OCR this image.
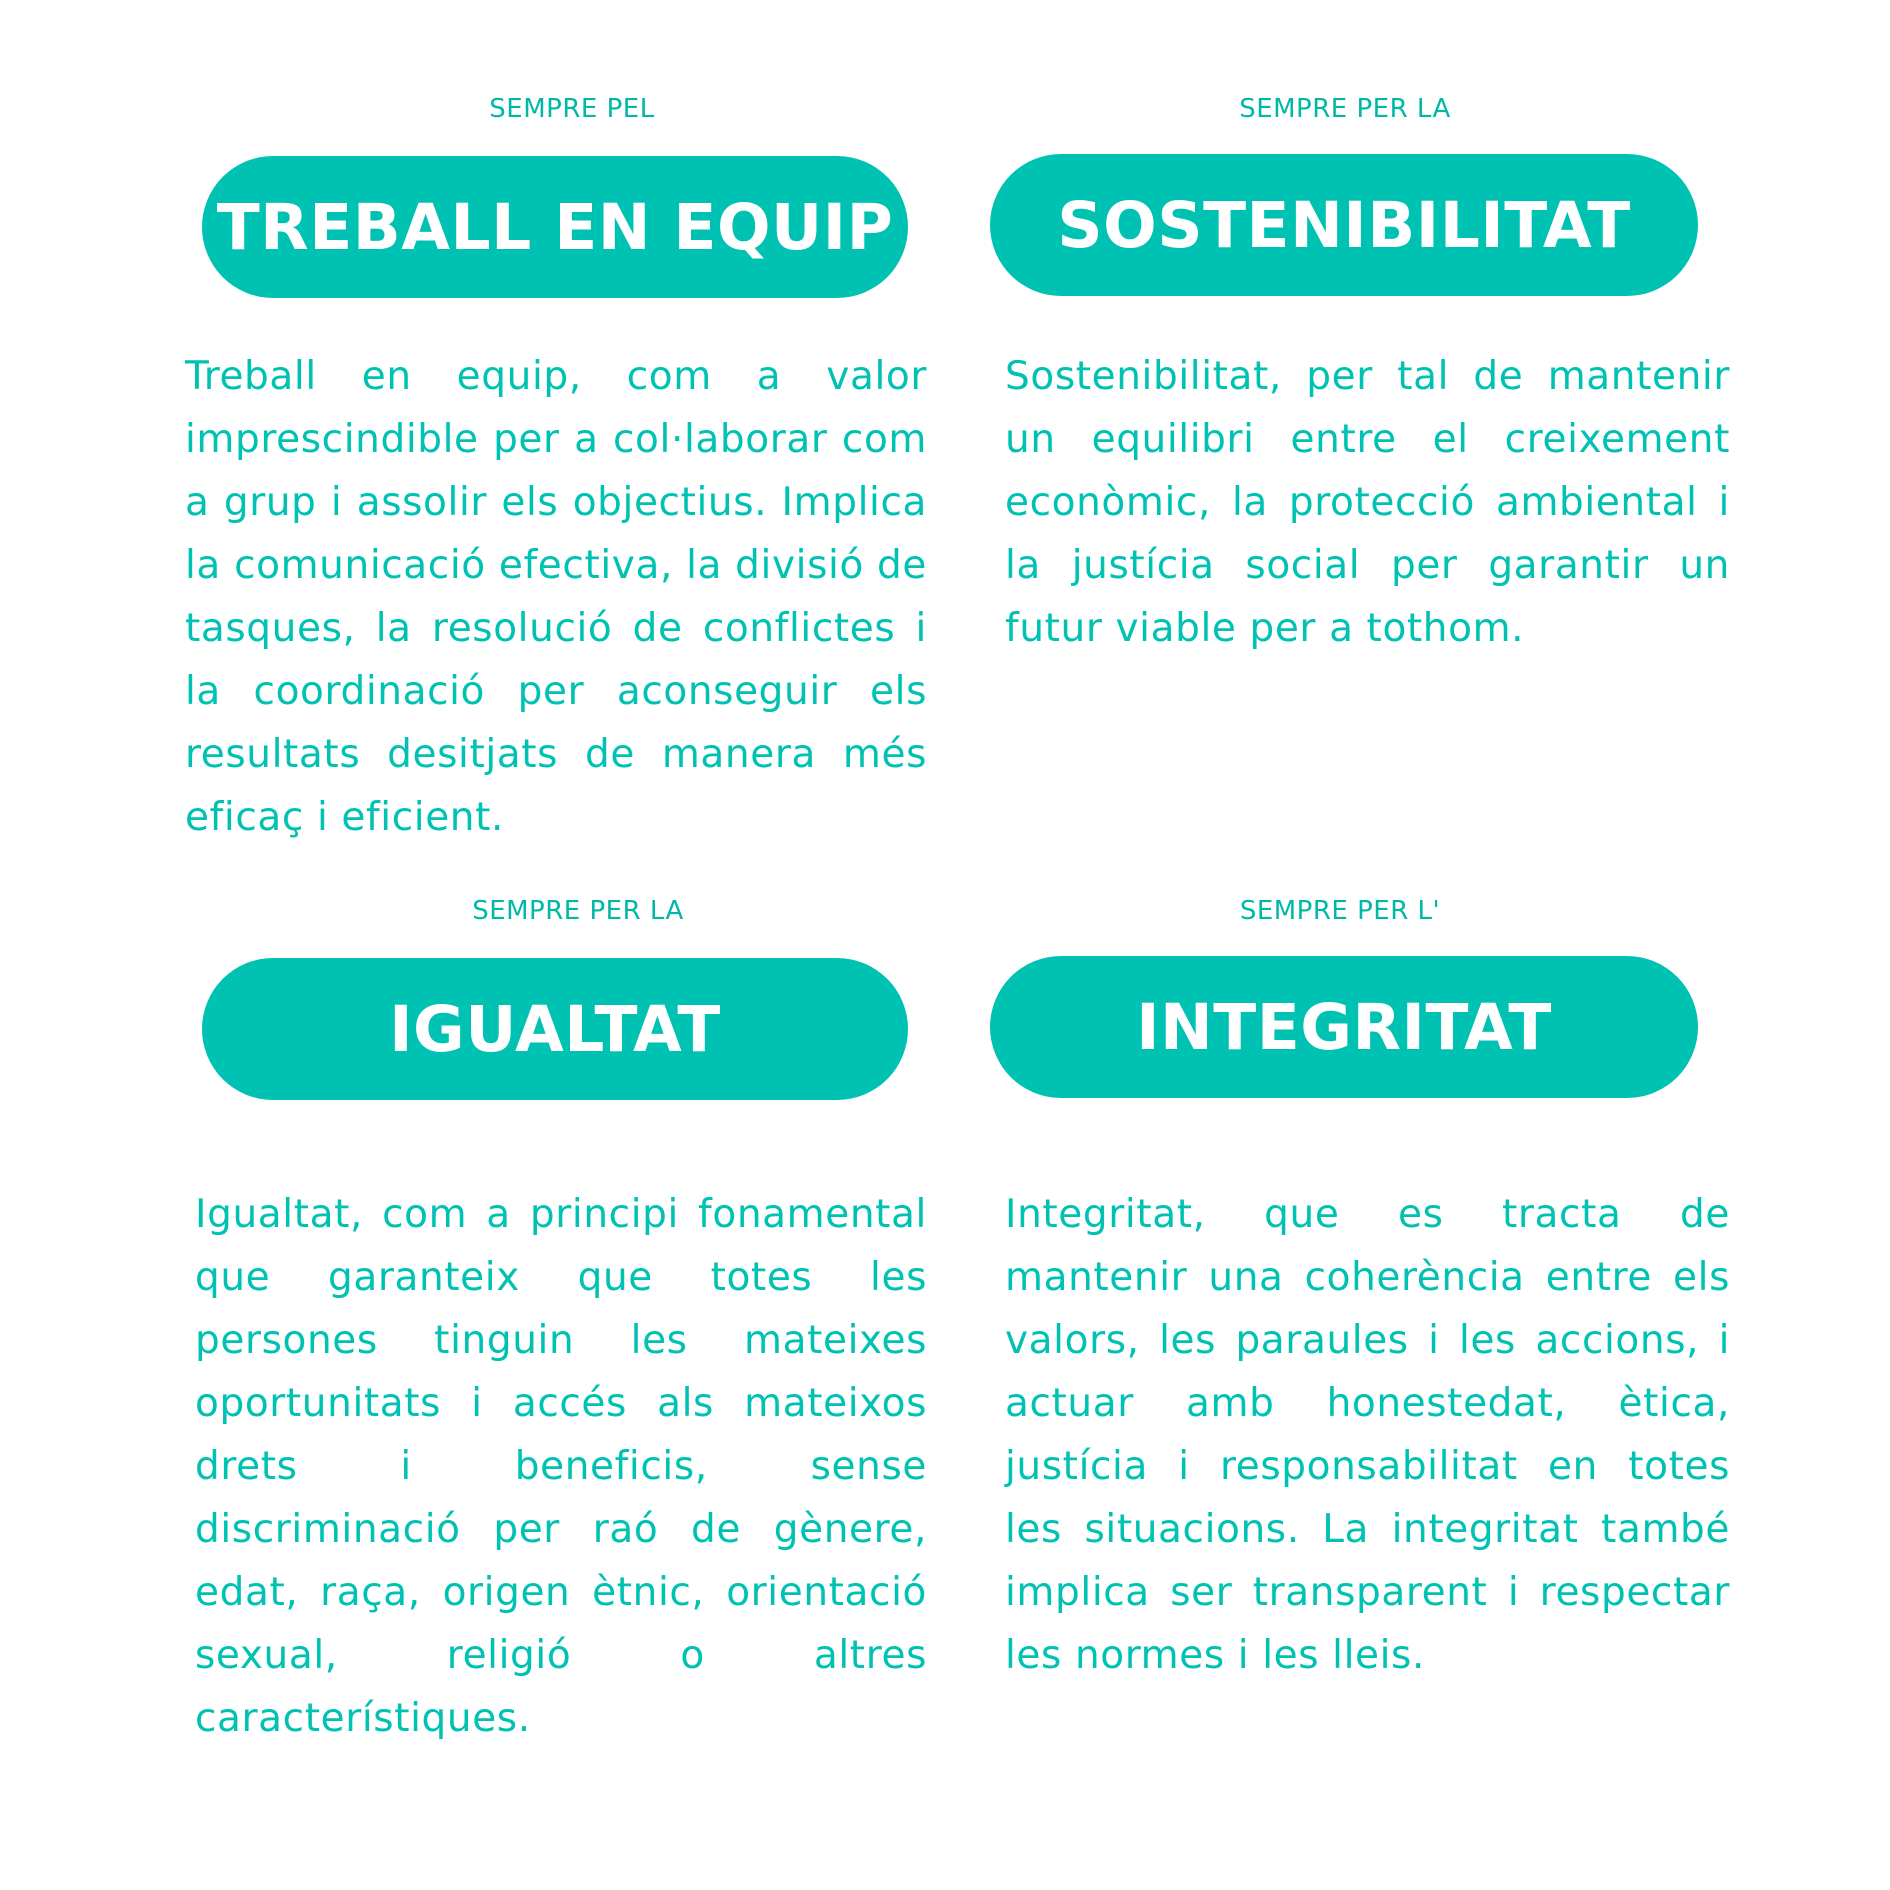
SEMPRE PEL
TREBALL EN EQUIP
Treball en equip, com a valor imprescindible per a col·laborar com a grup i assolir els objectius. Implica la comunicació efectiva, la divisió de tasques, la resolució de conflictes i la coordinació per aconseguir els resultats desitjats de manera més eficaç i eficient.
SEMPRE PER LA
SOSTENIBILITAT
Sostenibilitat, per tal de mantenir un equilibri entre el creixement econòmic, la protecció ambiental i la justícia social per garantir un futur viable per a tothom.
SEMPRE PER LA
IGUALTAT
Igualtat, com a principi fonamental que garanteix que totes les persones tinguin les mateixes oportunitats i accés als mateixos drets i beneficis, sense discriminació per raó de gènere, edat, raça, origen ètnic, orientació sexual, religió o altres característiques.
SEMPRE PER L'
INTEGRITAT
Integritat, que es tracta de mantenir una coherència entre els valors, les paraules i les accions, i actuar amb honestedat, ètica, justícia i responsabilitat en totes les situacions. La integritat també implica ser transparent i respectar les normes i les lleis.
